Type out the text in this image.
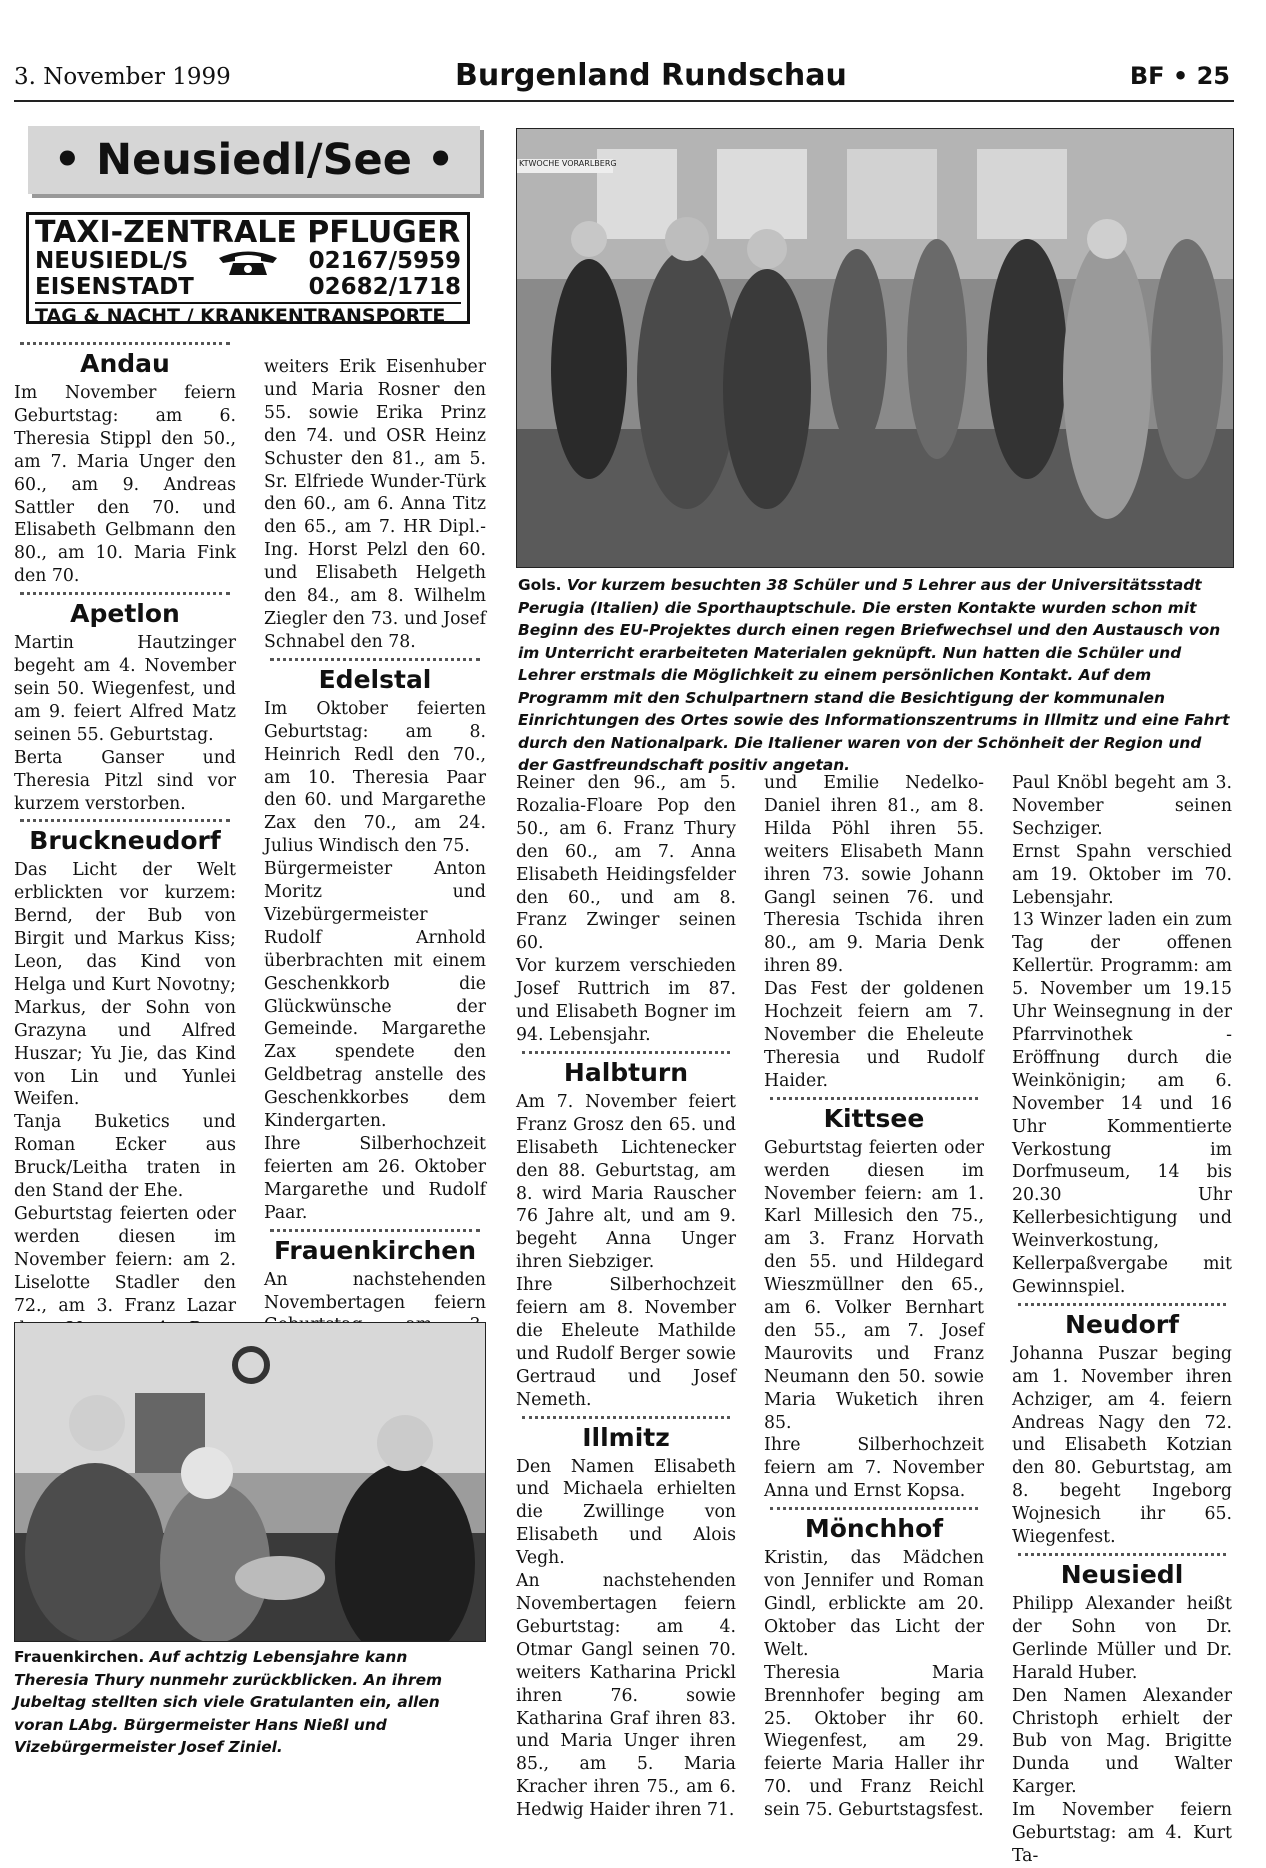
3. November 1999	Burgenland Rundschau	BF • 25
• Neusiedl/See •
TAXI-ZENTRALE PFLUGER
NEUSIEDL/S	02167/5959
EISENSTADT	02682/1718
TAG & NACHT / KRANKENTRANSPORTE
Andau

Im November feiern Geburtstag: am 6. Theresia Stippl den 50., am 7. Maria Unger den 60., am 9. Andreas Sattler den 70. und Elisabeth Gelbmann den 80., am 10. Maria Fink den 70.

Apetlon

Martin Hautzinger begeht am 4. November sein 50. Wiegenfest, und am 9. feiert Alfred Matz seinen 55. Geburtstag.

Berta Ganser und Theresia Pitzl sind vor kurzem verstorben.

Bruckneudorf

Das Licht der Welt erblickten vor kurzem: Bernd, der Bub von Birgit und Markus Kiss; Leon, das Kind von Helga und Kurt Novotny; Markus, der Sohn von Grazyna und Alfred Huszar; Yu Jie, das Kind von Lin und Yunlei Weifen.

Tanja Buketics und Roman Ecker aus Bruck/Leitha traten in den Stand der Ehe.

Geburtstag feierten oder werden diesen im November feiern: am 2. Liselotte Stadler den 72., am 3. Franz Lazar

weiters Erik Eisenhuber und Maria Rosner den 55. sowie Erika Prinz den 74. und OSR Heinz Schuster den 81., am 5. Sr. Elfriede Wunder-Türk den 60., am 6. Anna Titz den 65., am 7. HR Dipl.-Ing. Horst Pelzl den 60. und Elisabeth Helgeth den 84., am 8. Wilhelm Ziegler den 73. und Josef Schnabel den 78.

Edelstal

Im Oktober feierten Geburtstag: am 8. Heinrich Redl den 70., am 10. Theresia Paar den 60. und Margarethe Zax den 70., am 24. Julius Windisch den 75.

Bürgermeister Anton Moritz und Vizebürgermeister Rudolf Arnhold überbrachten mit einem Geschenkkorb die Glückwünsche der Gemeinde. Margarethe Zax spendete den Geldbetrag anstelle des Geschenkkorbes dem Kindergarten.

Ihre Silberhochzeit feierten am 26. Oktober Margarethe und Rudolf Paar.

Frauenkirchen

An nachstehenden Novembertagen feiern

KTWOCHE VORARLBERG
Gols. Vor kurzem besuchten 38 Schüler und 5 Lehrer aus der Universitätsstadt Perugia (Italien) die Sporthauptschule. Die ersten Kontakte wurden schon mit Beginn des EU-Projektes durch einen regen Briefwechsel und den Austausch von im Unterricht erarbeiteten Materialen geknüpft. Nun hatten die Schüler und Lehrer erstmals die Möglichkeit zu einem persönlichen Kontakt. Auf dem Programm mit den Schulpartnern stand die Besichtigung der kommunalen Einrichtungen des Ortes sowie des Informationszentrums in Illmitz und eine Fahrt durch den Nationalpark. Die Italiener waren von der Schönheit der Region und der Gastfreundschaft positiv angetan.

Reiner den 96., am 5. Rozalia-Floare Pop den 50., am 6. Franz Thury den 60., am 7. Anna Elisabeth Heidingsfelder den 60., und am 8. Franz Zwinger seinen 60.

Vor kurzem verschieden Josef Ruttrich im 87. und Elisabeth Bogner im 94. Lebensjahr.

Halbturn

Am 7. November feiert Franz Grosz den 65. und Elisabeth Lichtenecker den 88. Geburtstag, am 8. wird Maria Rauscher 76 Jahre alt, und am 9. begeht Anna Unger ihren Siebziger.

Ihre Silberhochzeit feiern am 8. November die Eheleute Mathilde und Rudolf Berger sowie Gertraud und Josef Nemeth.

Illmitz

Den Namen Elisabeth und Michaela erhielten die Zwillinge von Elisabeth und Alois Vegh.

An nachstehenden Novembertagen feiern Geburtstag: am 4. Otmar Gangl seinen 70. weiters Katharina Prickl ihren 76. sowie Katharina Graf ihren 83. und Maria Unger ihren 85., am 5. Maria Kracher ihren 75., am 6. Hedwig Haider ihren 71.

und Emilie Nedelko-Daniel ihren 81., am 8. Hilda Pöhl ihren 55. weiters Elisabeth Mann ihren 73. sowie Johann Gangl seinen 76. und Theresia Tschida ihren 80., am 9. Maria Denk ihren 89.

Das Fest der goldenen Hochzeit feiern am 7. November die Eheleute Theresia und Rudolf Haider.

Kittsee

Geburtstag feierten oder werden diesen im November feiern: am 1. Karl Millesich den 75., am 3. Franz Horvath den 55. und Hildegard Wieszmüllner den 65., am 6. Volker Bernhart den 55., am 7. Josef Maurovits und Franz Neumann den 50. sowie Maria Wuketich ihren 85.

Ihre Silberhochzeit feiern am 7. November Anna und Ernst Kopsa.

Mönchhof

Kristin, das Mädchen von Jennifer und Roman Gindl, erblickte am 20. Oktober das Licht der Welt.

Theresia Maria Brennhofer beging am 25. Oktober ihr 60. Wiegenfest, am 29. feierte Maria Haller ihr 70. und Franz Reichl sein 75. Geburtstagsfest.

Paul Knöbl begeht am 3. November seinen Sechziger.

Ernst Spahn verschied am 19. Oktober im 70. Lebensjahr.

13 Winzer laden ein zum Tag der offenen Kellertür. Programm: am 5. November um 19.15 Uhr Weinsegnung in der Pfarrvinothek - Eröffnung durch die Weinkönigin; am 6. November 14 und 16 Uhr Kommentierte Verkostung im Dorfmuseum, 14 bis 20.30 Uhr Kellerbesichtigung und Weinverkostung, Kellerpaßvergabe mit Gewinnspiel.

Neudorf

Johanna Puszar beging am 1. November ihren Achziger, am 4. feiern Andreas Nagy den 72. und Elisabeth Kotzian den 80. Geburtstag, am 8. begeht Ingeborg Wojnesich ihr 65. Wiegenfest.

Neusiedl

Philipp Alexander heißt der Sohn von Dr. Gerlinde Müller und Dr. Harald Huber.

Den Namen Alexander Christoph erhielt der Bub von Mag. Brigitte Dunda und Walter Karger.

Im November feiern Geburtstag: am 4. Kurt Ta-

Frauenkirchen. Auf achtzig Lebensjahre kann Theresia Thury nunmehr zurückblicken. An ihrem Jubeltag stellten sich viele Gratulanten ein, allen voran LAbg. Bürgermeister Hans Nießl und Vizebürgermeister Josef Ziniel.
